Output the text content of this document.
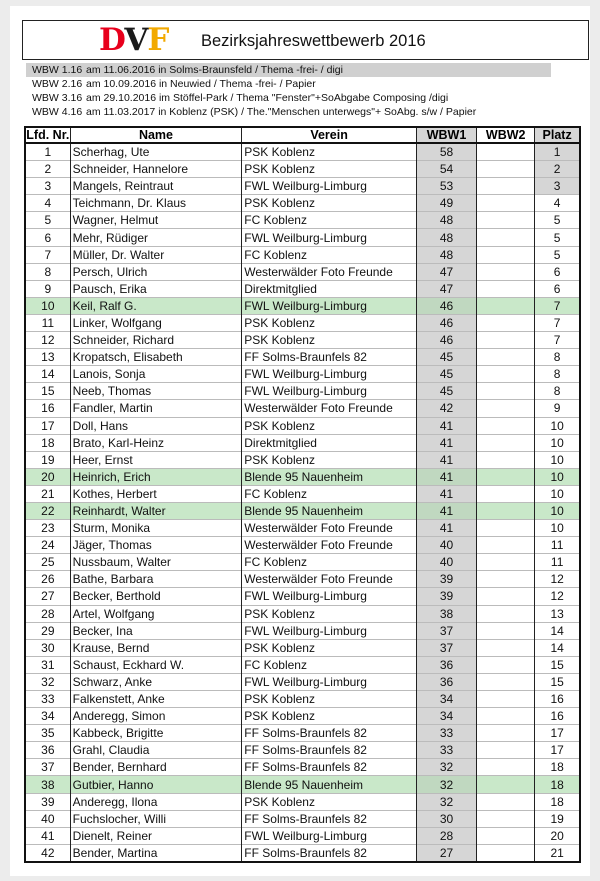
DVF Bezirksjahreswettbewerb 2016
WBW 1.16 am 11.06.2016 in Solms-Braunsfeld / Thema -frei- / digi
WBW 2.16 am 10.09.2016 in Neuwied / Thema -frei- / Papier
WBW 3.16 am 29.10.2016 im Stöffel-Park / Thema "Fenster"+SoAbgabe Composing /digi
WBW 4.16 am 11.03.2017 in Koblenz (PSK) / The."Menschen unterwegs"+ SoAbg. s/w / Papier
Lfd. Nr.	Name	Verein	WBW1	WBW2	Platz
1	Scherhag, Ute	PSK Koblenz	58		1
2	Schneider, Hannelore	PSK Koblenz	54		2
3	Mangels, Reintraut	FWL Weilburg-Limburg	53		3
4	Teichmann, Dr. Klaus	PSK Koblenz	49		4
5	Wagner, Helmut	FC Koblenz	48		5
6	Mehr, Rüdiger	FWL Weilburg-Limburg	48		5
7	Müller, Dr. Walter	FC Koblenz	48		5
8	Persch, Ulrich	Westerwälder Foto Freunde	47		6
9	Pausch, Erika	Direktmitglied	47		6
10	Keil, Ralf G.	FWL Weilburg-Limburg	46		7
11	Linker, Wolfgang	PSK Koblenz	46		7
12	Schneider, Richard	PSK Koblenz	46		7
13	Kropatsch, Elisabeth	FF Solms-Braunfels 82	45		8
14	Lanois, Sonja	FWL Weilburg-Limburg	45		8
15	Neeb, Thomas	FWL Weilburg-Limburg	45		8
16	Fandler, Martin	Westerwälder Foto Freunde	42		9
17	Doll, Hans	PSK Koblenz	41		10
18	Brato, Karl-Heinz	Direktmitglied	41		10
19	Heer, Ernst	PSK Koblenz	41		10
20	Heinrich, Erich	Blende 95 Nauenheim	41		10
21	Kothes, Herbert	FC Koblenz	41		10
22	Reinhardt, Walter	Blende 95 Nauenheim	41		10
23	Sturm, Monika	Westerwälder Foto Freunde	41		10
24	Jäger, Thomas	Westerwälder Foto Freunde	40		11
25	Nussbaum, Walter	FC Koblenz	40		11
26	Bathe, Barbara	Westerwälder Foto Freunde	39		12
27	Becker, Berthold	FWL Weilburg-Limburg	39		12
28	Artel, Wolfgang	PSK Koblenz	38		13
29	Becker, Ina	FWL Weilburg-Limburg	37		14
30	Krause, Bernd	PSK Koblenz	37		14
31	Schaust, Eckhard W.	FC Koblenz	36		15
32	Schwarz, Anke	FWL Weilburg-Limburg	36		15
33	Falkenstett, Anke	PSK Koblenz	34		16
34	Anderegg, Simon	PSK Koblenz	34		16
35	Kabbeck, Brigitte	FF Solms-Braunfels 82	33		17
36	Grahl, Claudia	FF Solms-Braunfels 82	33		17
37	Bender, Bernhard	FF Solms-Braunfels 82	32		18
38	Gutbier, Hanno	Blende 95 Nauenheim	32		18
39	Anderegg, Ilona	PSK Koblenz	32		18
40	Fuchslocher, Willi	FF Solms-Braunfels 82	30		19
41	Dienelt, Reiner	FWL Weilburg-Limburg	28		20
42	Bender, Martina	FF Solms-Braunfels 82	27		21
